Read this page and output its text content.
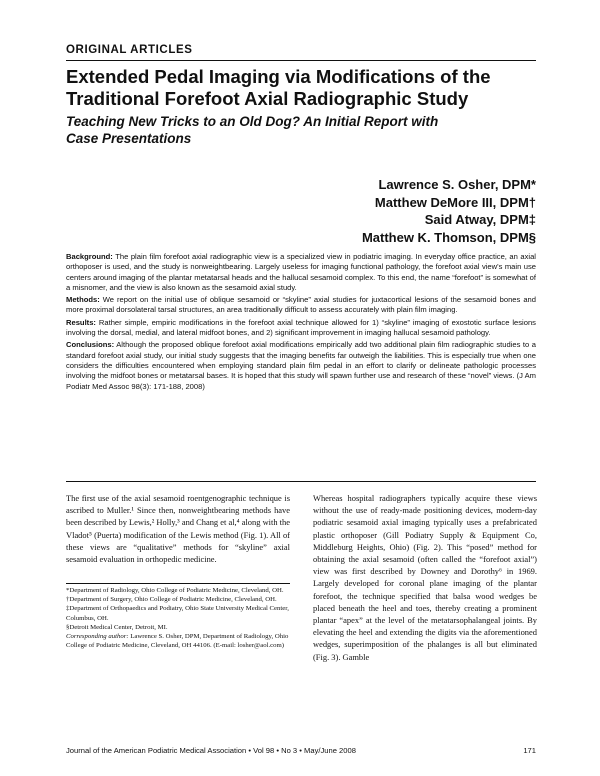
ORIGINAL ARTICLES
Extended Pedal Imaging via Modifications of the
Traditional Forefoot Axial Radiographic Study
Teaching New Tricks to an Old Dog? An Initial Report with
Case Presentations
Lawrence S. Osher, DPM*
Matthew DeMore III, DPM†
Said Atway, DPM‡
Matthew K. Thomson, DPM§

Background: The plain film forefoot axial radiographic view is a specialized view in podiatric imaging. In everyday office practice, an axial orthoposer is used, and the study is nonweightbearing. Largely useless for imaging functional pathology, the forefoot axial view's main use centers around imaging of the plantar metatarsal heads and the hallucal sesamoid complex. To this end, the name “forefoot” is somewhat of a misnomer, and the view is also known as the sesamoid axial study.

Methods: We report on the initial use of oblique sesamoid or “skyline” axial studies for juxtacortical lesions of the sesamoid bones and more proximal dorsolateral tarsal structures, an area traditionally difficult to assess accurately with plain film imaging.

Results: Rather simple, empiric modifications in the forefoot axial technique allowed for 1) “skyline” imaging of exostotic surface lesions involving the dorsal, medial, and lateral midfoot bones, and 2) significant improvement in imaging hallucal sesamoid pathology.

Conclusions: Although the proposed oblique forefoot axial modifications empirically add two additional plain film radiographic studies to a standard forefoot axial study, our initial study suggests that the imaging benefits far outweigh the liabilities. This is especially true when one considers the difficulties encountered when employing standard plain film pedal in an effort to clarify or delineate pathologic processes involving the midfoot bones or metatarsal bases. It is hoped that this study will spawn further use and research of these “novel” views. (J Am Podiatr Med Assoc 98(3): 171-188, 2008)

The first use of the axial sesamoid roentgenographic technique is ascribed to Muller.¹ Since then, nonweightbearing methods have been described by Lewis,² Holly,³ and Chang et al,⁴ along with the Vladot⁵ (Puerta) modification of the Lewis method (Fig. 1). All of these views are “qualitative” methods for “skyline” axial sesamoid evaluation in orthopedic medicine.

*Department of Radiology, Ohio College of Podiatric Medicine, Cleveland, OH.

†Department of Surgery, Ohio College of Podiatric Medicine, Cleveland, OH.

‡Department of Orthopaedics and Podiatry, Ohio State University Medical Center, Columbus, OH.

§Detroit Medical Center, Detroit, MI.

Corresponding author: Lawrence S. Osher, DPM, Department of Radiology, Ohio College of Podiatric Medicine, Cleveland, OH 44106. (E-mail: losher@aol.com)

Whereas hospital radiographers typically acquire these views without the use of ready-made positioning devices, modern-day podiatric sesamoid axial imaging typically uses a prefabricated plastic orthoposer (Gill Podiatry Supply & Equipment Co, Middleburg Heights, Ohio) (Fig. 2). This “posed” method for obtaining the axial sesamoid (often called the “forefoot axial”) view was first described by Downey and Dorothy⁶ in 1969. Largely developed for coronal plane imaging of the plantar forefoot, the technique specified that balsa wood wedges be placed beneath the heel and toes, thereby creating a prominent plantar “apex” at the level of the metatarsophalangeal joints. By elevating the heel and extending the digits via the aforementioned wedges, superimposition of the phalanges is all but eliminated (Fig. 3). Gamble

Journal of the American Podiatric Medical Association • Vol 98 • No 3 • May/June 2008	171
